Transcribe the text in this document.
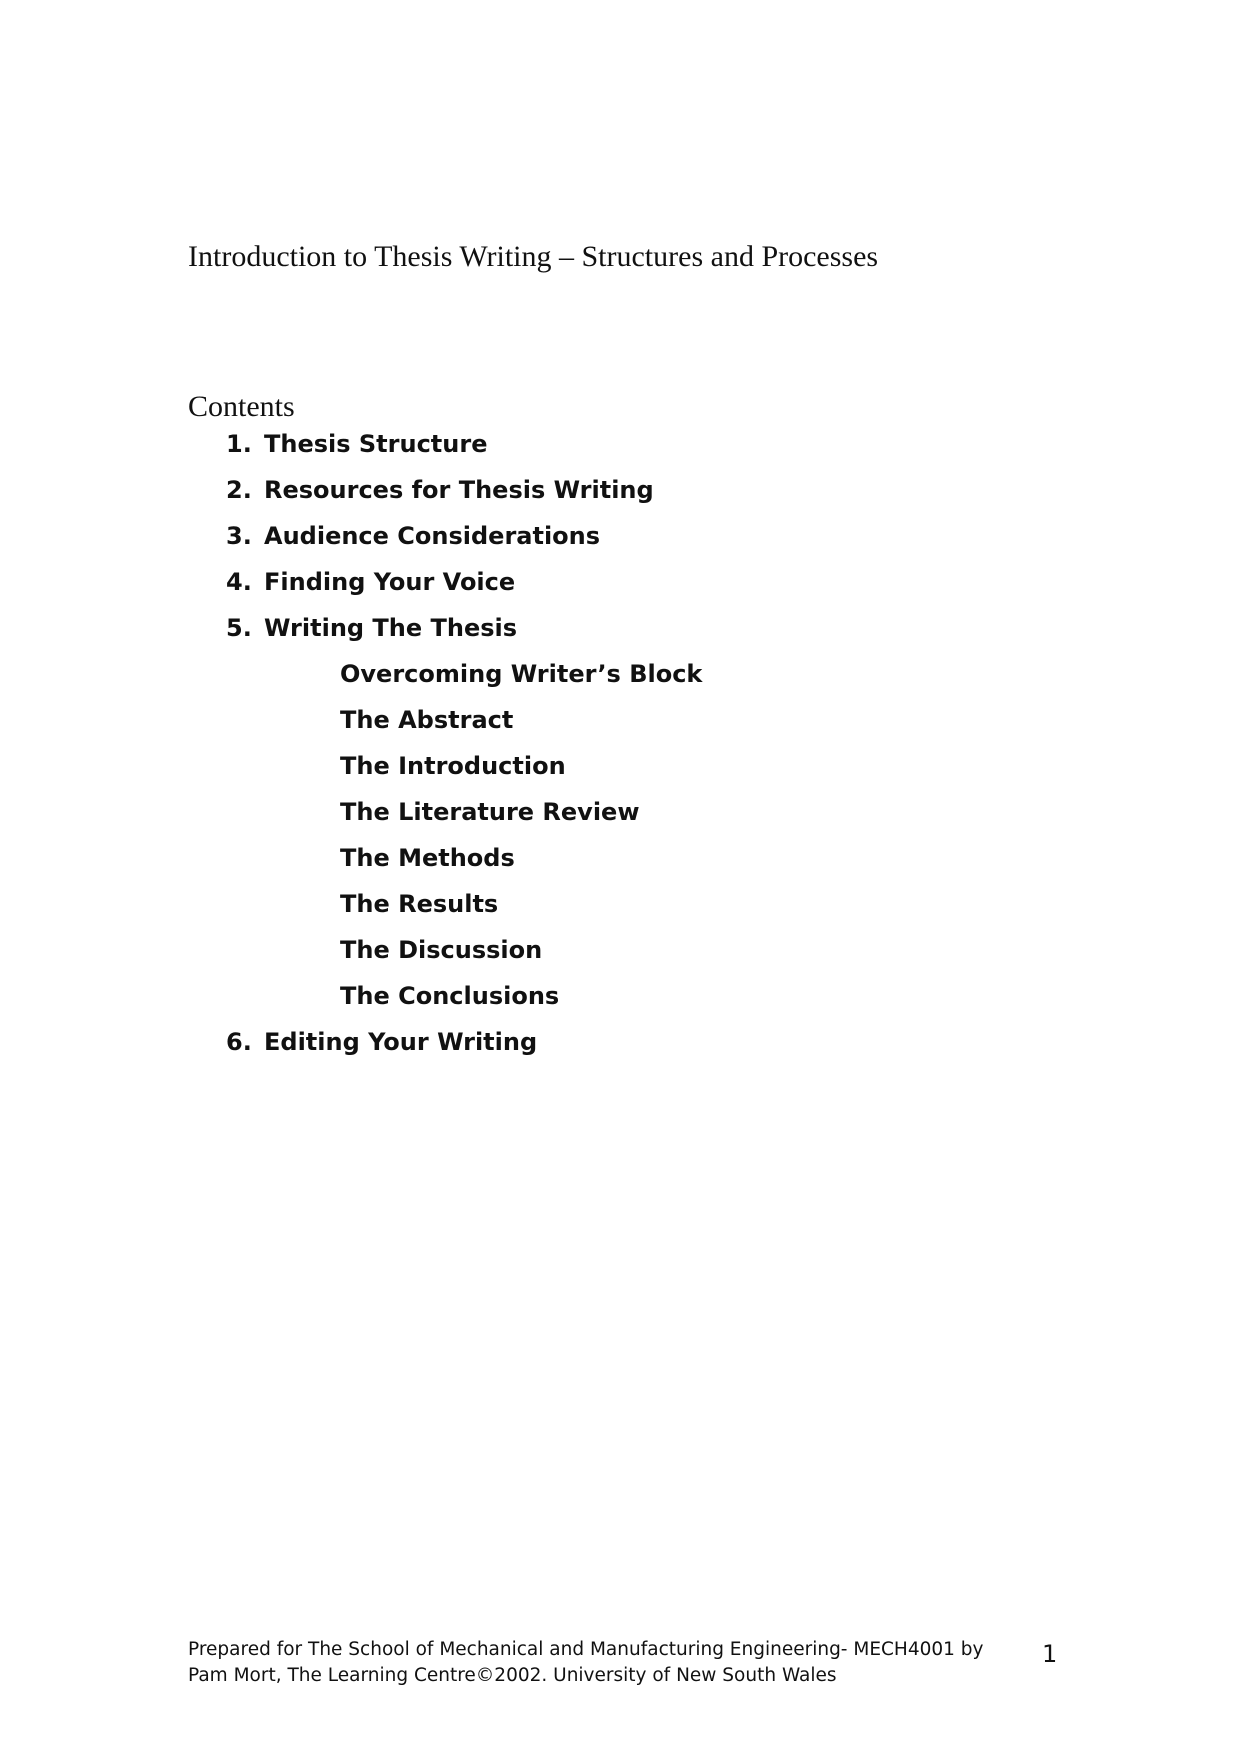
Introduction to Thesis Writing – Structures and Processes
Contents
1. Thesis Structure
2. Resources for Thesis Writing
3. Audience Considerations
4. Finding Your Voice
5. Writing The Thesis
Overcoming Writer’s Block
The Abstract
The Introduction
The Literature Review
The Methods
The Results
The Discussion
The Conclusions
6. Editing Your Writing

Prepared for The School of Mechanical and Manufacturing Engineering- MECH4001 by
Pam Mort, The Learning Centre©2002. University of New South Wales

1
